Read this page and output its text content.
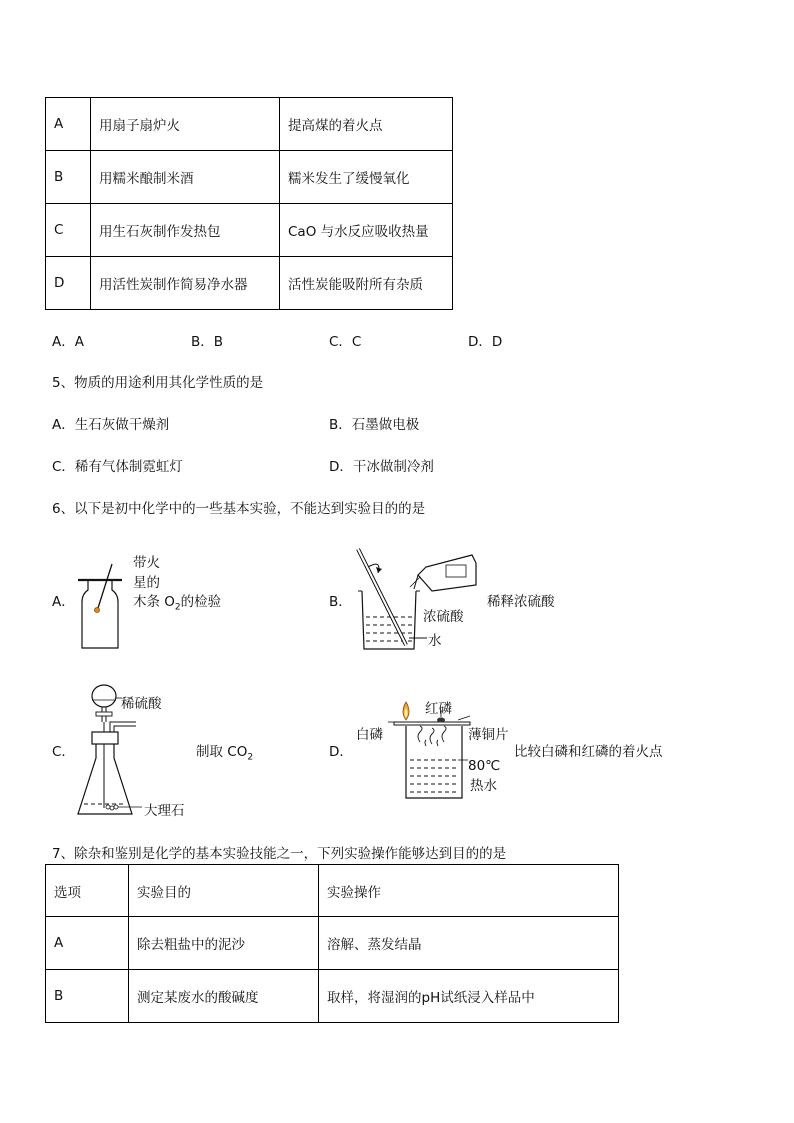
A	用扇子扇炉火	提高煤的着火点
B	用糯米酿制米酒	糯米发生了缓慢氧化
C	用生石灰制作发热包	CaO 与水反应吸收热量
D	用活性炭制作简易净水器	活性炭能吸附所有杂质
A．A	B．B	C．C	D．D
5、物质的用途利用其化学性质的是
A．生石灰做干燥剂	B．石墨做电极
C．稀有气体制霓虹灯	D．干冰做制冷剂
6、以下是初中化学中的一些基本实验，不能达到实验目的的是
A．
带火
星的
木条 $O_2$的检验	B．	稀释浓硫酸
浓硫酸
水
C．
稀硫酸
制取 $CO_2$
大理石
D．
红磷
白磷	薄铜片
比较白磷和红磷的着火点
80℃
热水
7、除杂和鉴别是化学的基本实验技能之一，下列实验操作能够达到目的的是
选项	实验目的	实验操作
A	除去粗盐中的泥沙	溶解、蒸发结晶
B	测定某废水的酸碱度	取样，将湿润的pH试纸浸入样品中
